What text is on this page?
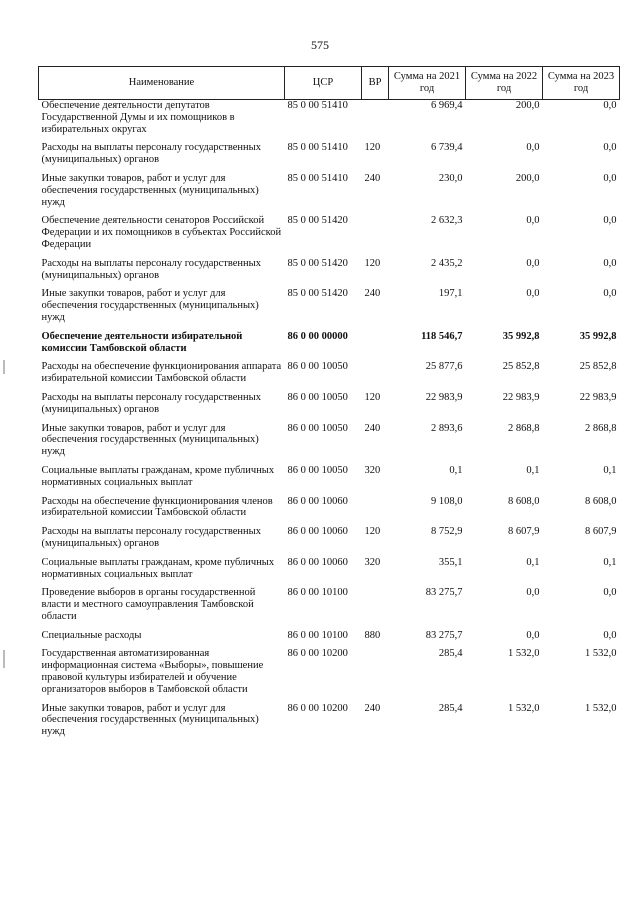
575
Наименование	ЦСР	ВР	Сумма на 2021 год	Сумма на 2022 год	Сумма на 2023 год
Обеспечение деятельности депутатов Государственной Думы и их помощников в избирательных округах	85 0 00 51410		6 969,4	200,0	0,0
Расходы на выплаты персоналу государственных (муниципальных) органов	85 0 00 51410	120	6 739,4	0,0	0,0
Иные закупки товаров, работ и услуг для обеспечения государственных (муниципальных) нужд	85 0 00 51410	240	230,0	200,0	0,0
Обеспечение деятельности сенаторов Российской Федерации и их помощников в субъектах Российской Федерации	85 0 00 51420		2 632,3	0,0	0,0
Расходы на выплаты персоналу государственных (муниципальных) органов	85 0 00 51420	120	2 435,2	0,0	0,0
Иные закупки товаров, работ и услуг для обеспечения государственных (муниципальных) нужд	85 0 00 51420	240	197,1	0,0	0,0
Обеспечение деятельности избирательной комиссии Тамбовской области	86 0 00 00000		118 546,7	35 992,8	35 992,8
Расходы на обеспечение функционирования аппарата избирательной комиссии Тамбовской области	86 0 00 10050		25 877,6	25 852,8	25 852,8
Расходы на выплаты персоналу государственных (муниципальных) органов	86 0 00 10050	120	22 983,9	22 983,9	22 983,9
Иные закупки товаров, работ и услуг для обеспечения государственных (муниципальных) нужд	86 0 00 10050	240	2 893,6	2 868,8	2 868,8
Социальные выплаты гражданам, кроме публичных нормативных социальных выплат	86 0 00 10050	320	0,1	0,1	0,1
Расходы на обеспечение функционирования членов избирательной комиссии Тамбовской области	86 0 00 10060		9 108,0	8 608,0	8 608,0
Расходы на выплаты персоналу государственных (муниципальных) органов	86 0 00 10060	120	8 752,9	8 607,9	8 607,9
Социальные выплаты гражданам, кроме публичных нормативных социальных выплат	86 0 00 10060	320	355,1	0,1	0,1
Проведение выборов в органы государственной власти и местного самоуправления Тамбовской области	86 0 00 10100		83 275,7	0,0	0,0
Специальные расходы	86 0 00 10100	880	83 275,7	0,0	0,0
Государственная автоматизированная информационная система «Выборы», повышение правовой культуры избирателей и обучение организаторов выборов в Тамбовской области	86 0 00 10200		285,4	1 532,0	1 532,0
Иные закупки товаров, работ и услуг для обеспечения государственных (муниципальных) нужд	86 0 00 10200	240	285,4	1 532,0	1 532,0
